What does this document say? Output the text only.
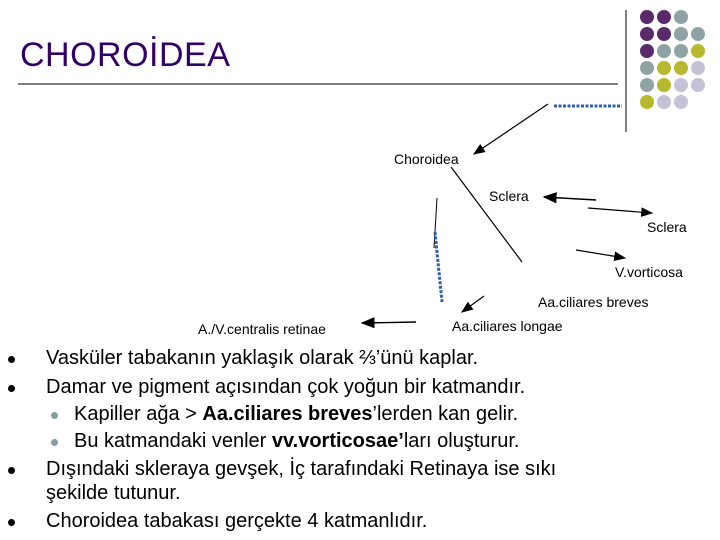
CHOROİDEA
Choroidea
Sclera
Sclera
V.vorticosa
Aa.ciliares breves
Aa.ciliares longae
A./V.centralis retinae
Vasküler tabakanın yaklaşık olarak ⅔’ünü kaplar.
Damar ve pigment açısından çok yoğun bir katmandır.
Kapiller ağa > Aa.ciliares breves’lerden kan gelir.
Bu katmandaki venler vv.vorticosae’ları oluşturur.
Dışındaki skleraya gevşek, İç tarafındaki Retinaya ise sıkı
şekilde tutunur.
Choroidea tabakası gerçekte 4 katmanlıdır.
